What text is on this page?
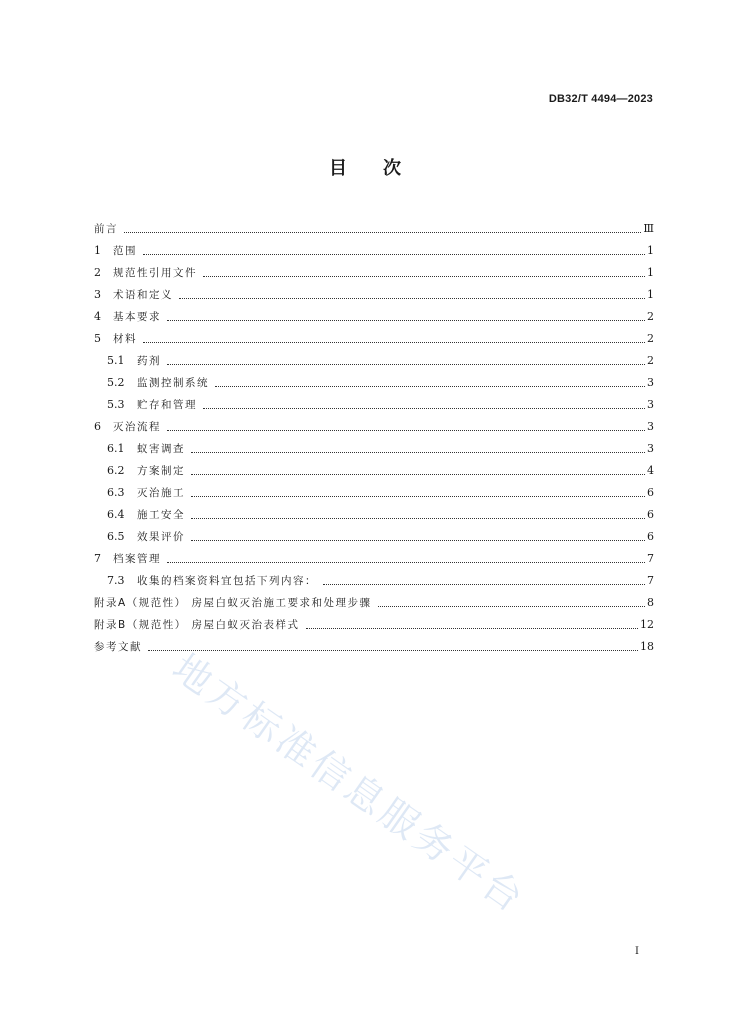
DB32/T 4494—2023
目 次
前言	Ⅲ
1	范围	1
2	规范性引用文件	1
3	术语和定义	1
4	基本要求	2
5	材料	2
5.1	药剂	2
5.2	监测控制系统	3
5.3	贮存和管理	3
6	灭治流程	3
6.1	蚁害调查	3
6.2	方案制定	4
6.3	灭治施工	6
6.4	施工安全	6
6.5	效果评价	6
7	档案管理	7
7.3	收集的档案资料宜包括下列内容：	7
附录A（规范性） 房屋白蚁灭治施工要求和处理步骤	8
附录B（规范性） 房屋白蚁灭治表样式	12
参考文献	18
地方标准信息服务平台
I
